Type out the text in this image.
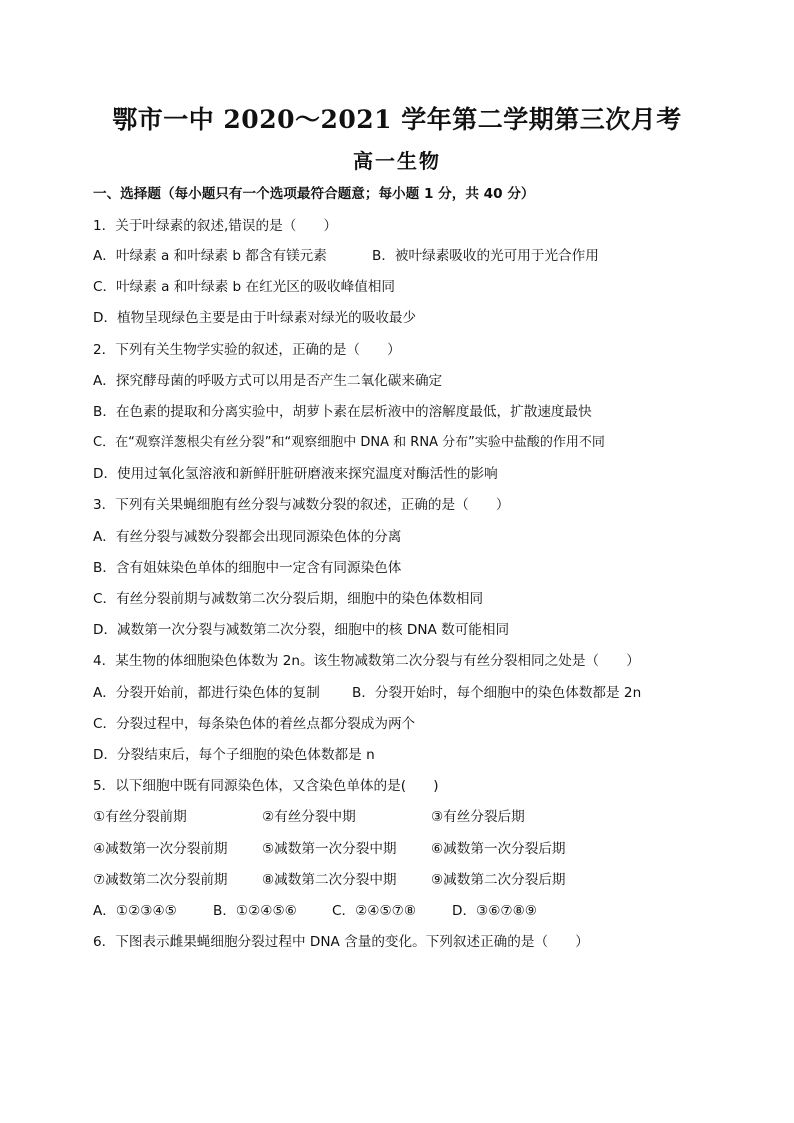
鄂市一中 2020～2021 学年第二学期第三次月考
高一生物
一、选择题（每小题只有一个选项最符合题意；每小题 1 分，共 40 分）
1．关于叶绿素的叙述,错误的是（　　）
A．叶绿素 a 和叶绿素 b 都含有镁元素	B．被叶绿素吸收的光可用于光合作用
C．叶绿素 a 和叶绿素 b 在红光区的吸收峰值相同
D．植物呈现绿色主要是由于叶绿素对绿光的吸收最少
2．下列有关生物学实验的叙述，正确的是（　　）
A．探究酵母菌的呼吸方式可以用是否产生二氧化碳来确定
B．在色素的提取和分离实验中，胡萝卜素在层析液中的溶解度最低，扩散速度最快
C．在“观察洋葱根尖有丝分裂”和“观察细胞中 DNA 和 RNA 分布”实验中盐酸的作用不同
D．使用过氧化氢溶液和新鲜肝脏研磨液来探究温度对酶活性的影响
3．下列有关果蝇细胞有丝分裂与减数分裂的叙述，正确的是（　　）
A．有丝分裂与减数分裂都会出现同源染色体的分离
B．含有姐妹染色单体的细胞中一定含有同源染色体
C．有丝分裂前期与减数第二次分裂后期，细胞中的染色体数相同
D．减数第一次分裂与减数第二次分裂，细胞中的核 DNA 数可能相同
4．某生物的体细胞染色体数为 2n。该生物减数第二次分裂与有丝分裂相同之处是（　　）
A．分裂开始前，都进行染色体的复制 B．分裂开始时，每个细胞中的染色体数都是 2n
C．分裂过程中，每条染色体的着丝点都分裂成为两个
D．分裂结束后，每个子细胞的染色体数都是 n
5．以下细胞中既有同源染色体，又含染色单体的是(　　)
①有丝分裂前期	②有丝分裂中期	③有丝分裂后期
④减数第一次分裂前期	⑤减数第一次分裂中期	⑥减数第一次分裂后期
⑦减数第二次分裂前期	⑧减数第二次分裂中期	⑨减数第二次分裂后期
A．①②③④⑤	B．①②④⑤⑥	C．②④⑤⑦⑧	D．③⑥⑦⑧⑨
6．下图表示雌果蝇细胞分裂过程中 DNA 含量的变化。下列叙述正确的是（　　）
